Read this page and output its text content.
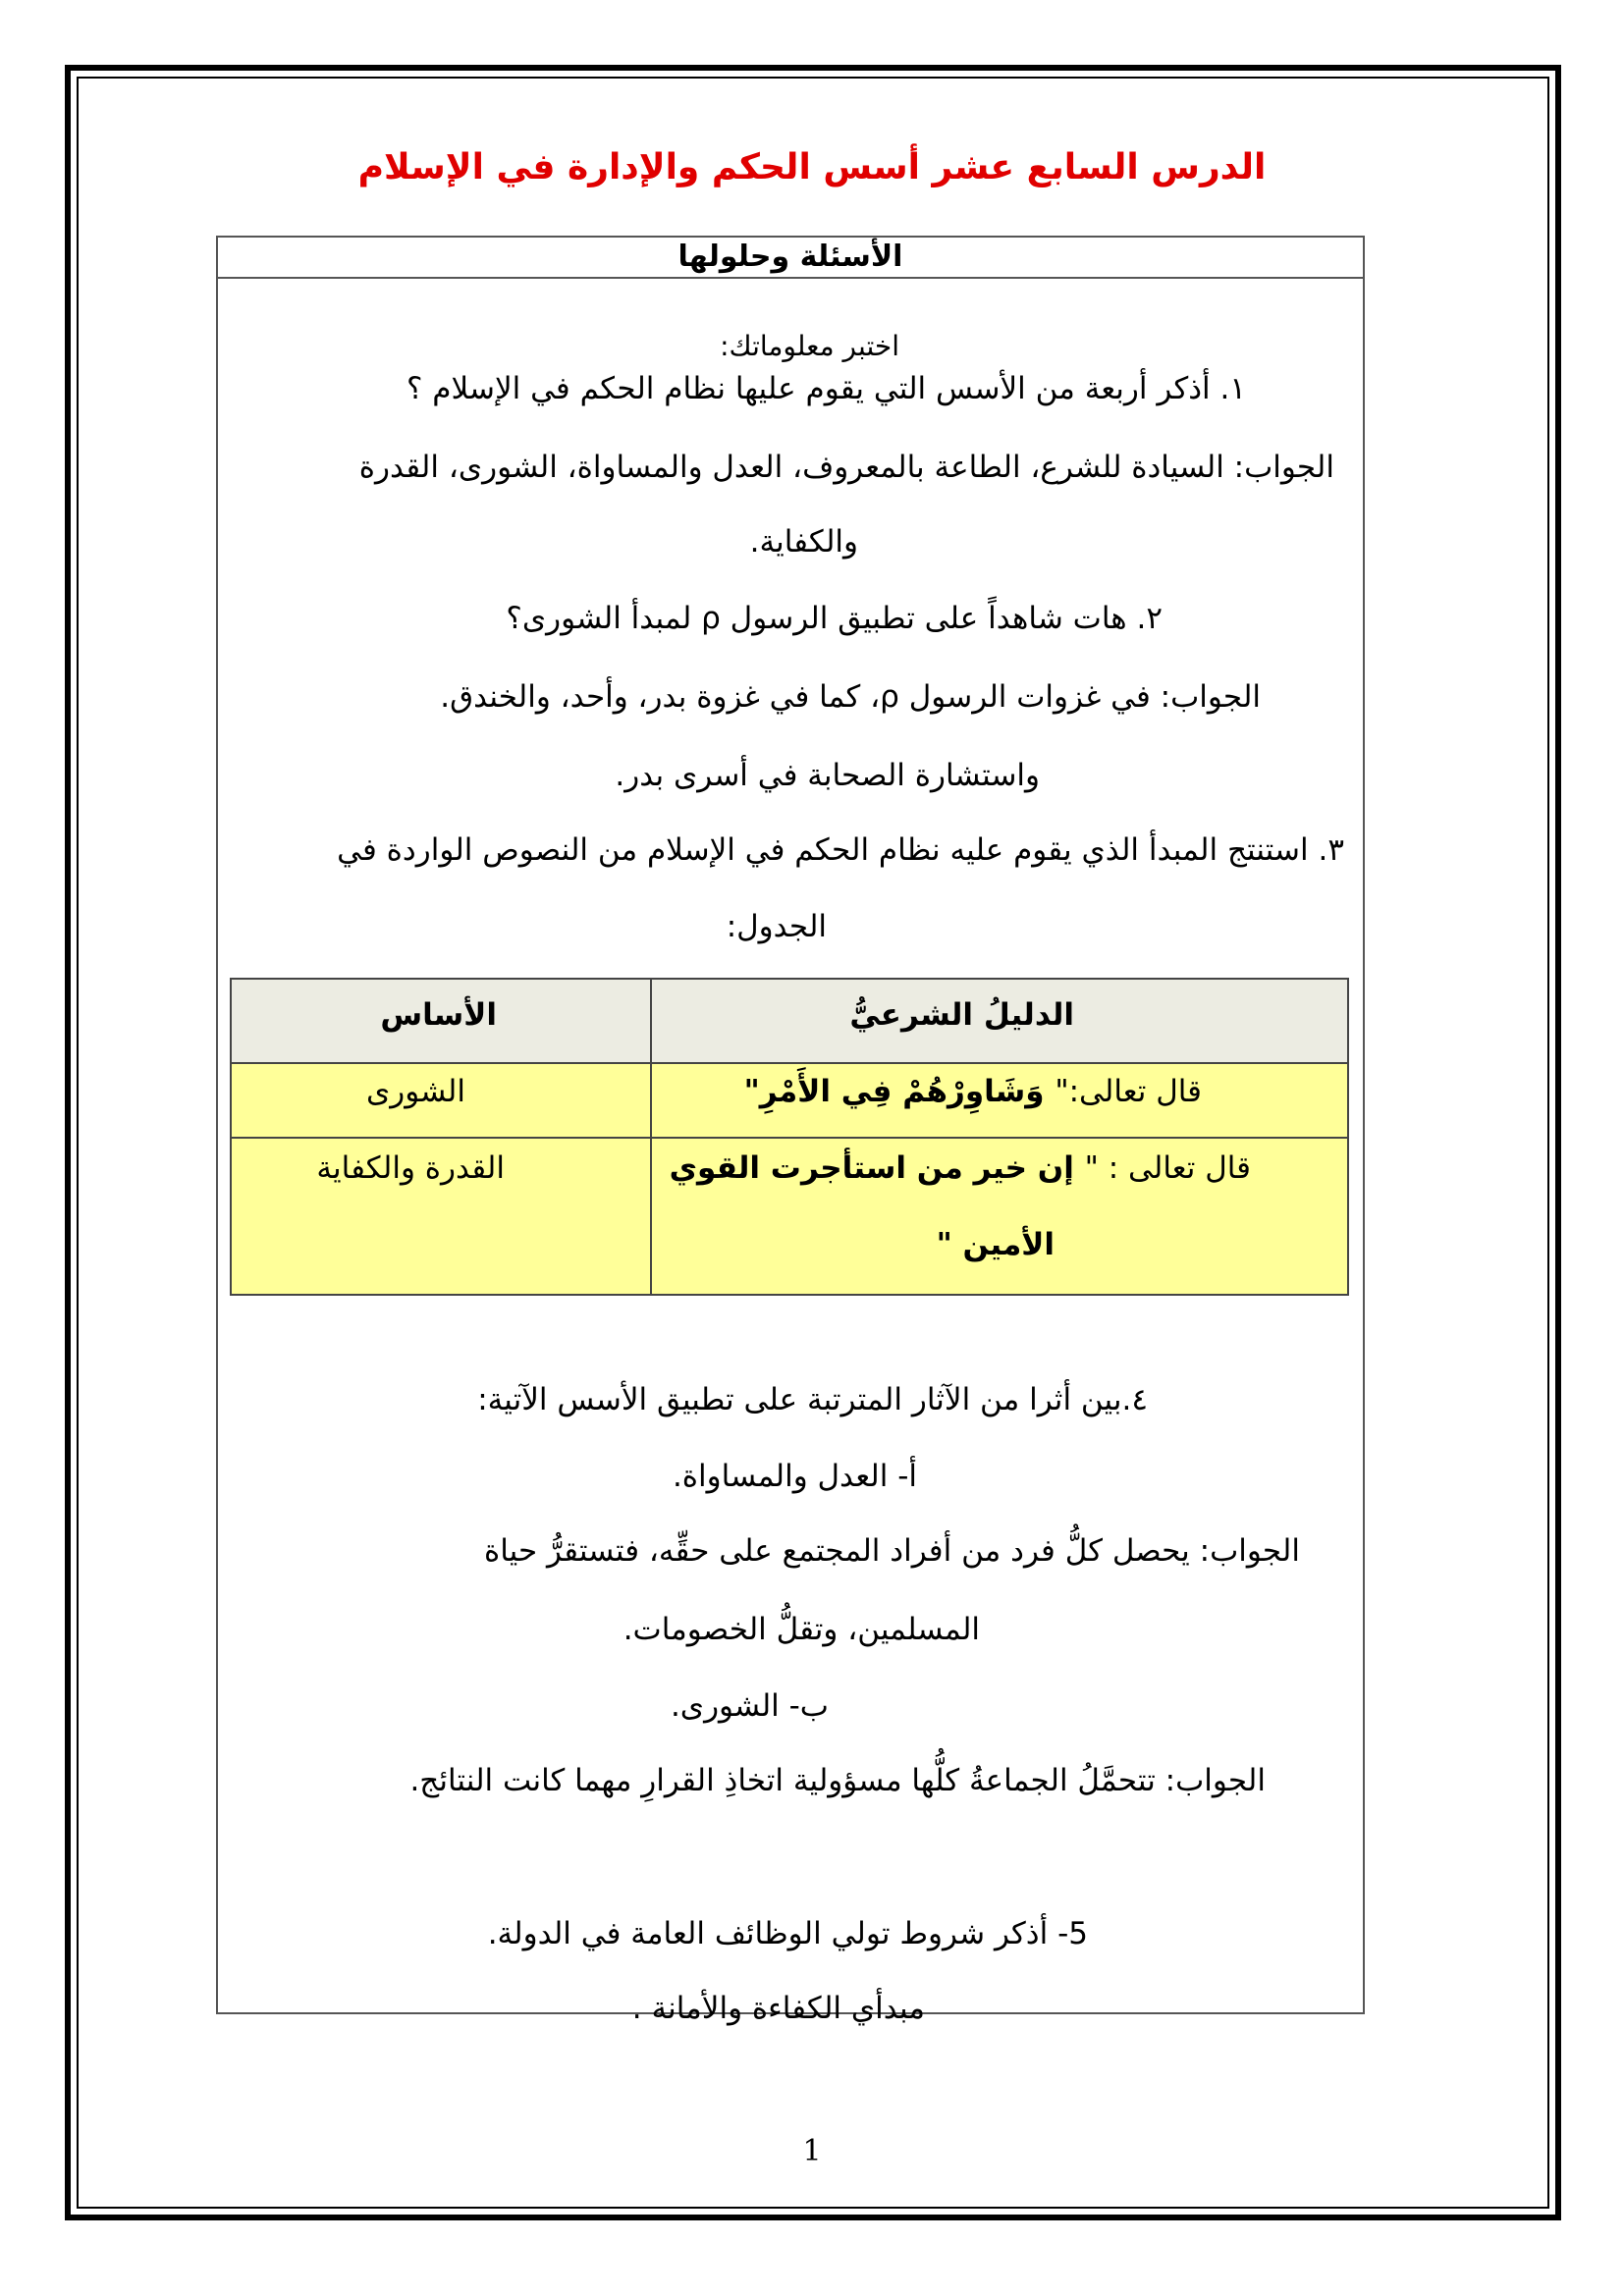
الدرس السابع عشر أسس الحكم والإدارة في الإسلام
الأسئلة وحلولها
اختبر معلوماتك:
١. أذكر أربعة من الأسس التي يقوم عليها نظام الحكم في الإسلام ؟
الجواب: السيادة للشرع، الطاعة بالمعروف، العدل والمساواة، الشورى، القدرة
والكفاية.
٢. هات شاهداً على تطبيق الرسول ρ لمبدأ الشورى؟
الجواب: في غزوات الرسول ρ، كما في غزوة بدر، وأحد، والخندق.
واستشارة الصحابة في أسرى بدر.
٣. استنتج المبدأ الذي يقوم عليه نظام الحكم في الإسلام من النصوص الواردة في
الجدول:
الدليلُ الشرعيُّ
الأساس
قال تعالى:" وَشَاوِرْهُمْ فِي الأَمْرِ"
الشورى
قال تعالى : " إن خير من استأجرت القوي
الأمين "
القدرة والكفاية
٤.بين أثرا من الآثار المترتبة على تطبيق الأسس الآتية:
أ- العدل والمساواة.
الجواب: يحصل كلُّ فرد من أفراد المجتمع على حقِّه، فتستقرُّ حياة
المسلمين، وتقلُّ الخصومات.
ب- الشورى.
الجواب: تتحمَّلُ الجماعةُ كلُّها مسؤولية اتخاذِ القرارِ مهما كانت النتائج.
5- أذكر شروط تولي الوظائف العامة في الدولة.
مبدأي الكفاءة والأمانة .
1
